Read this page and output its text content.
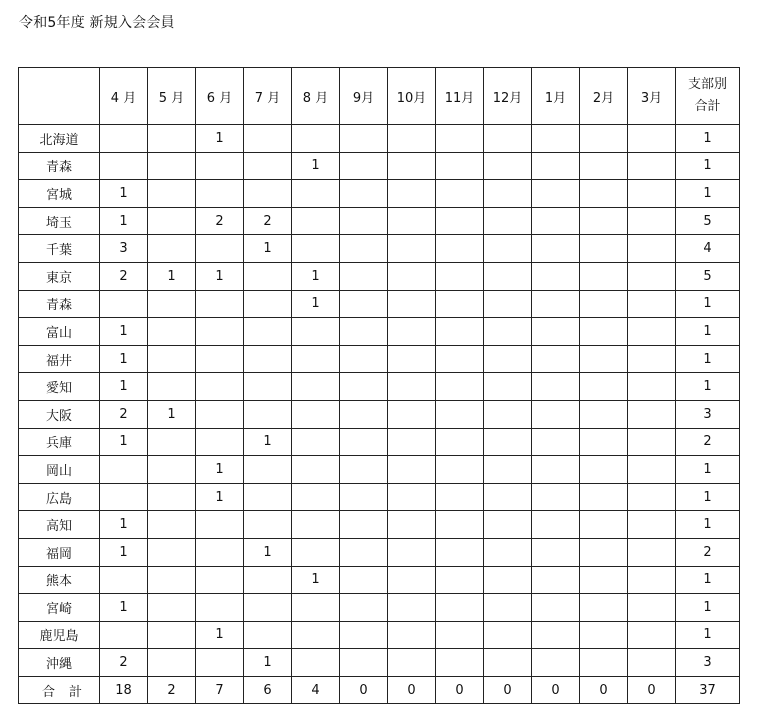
令和5年度 新規入会会員
	4 月	5 月	6 月	7 月	8 月	9月	10月	11月	12月	1月	2月	3月	支部別
合計
北海道			1										1
青森					1								1
宮城	1												1
埼玉	1		2	2									5
千葉	3			1									4
東京	2	1	1		1								5
青森					1								1
富山	1												1
福井	1												1
愛知	1												1
大阪	2	1											3
兵庫	1			1									2
岡山			1										1
広島			1										1
高知	1												1
福岡	1			1									2
熊本					1								1
宮崎	1												1
鹿児島			1										1
沖縄	2			1									3
合計	18	2	7	6	4	0	0	0	0	0	0	0	37
